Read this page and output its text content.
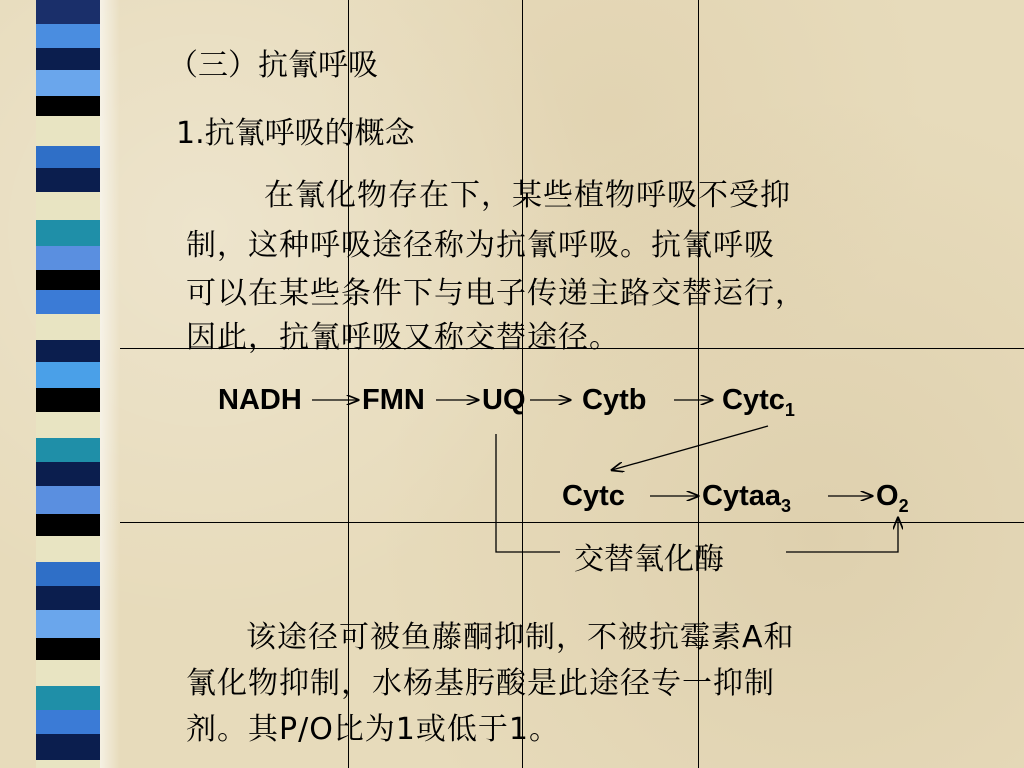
（三）抗氰呼吸
1.抗氰呼吸的概念
在氰化物存在下，某些植物呼吸不受抑
制，这种呼吸途径称为抗氰呼吸。抗氰呼吸
可以在某些条件下与电子传递主路交替运行，
因此，抗氰呼吸又称交替途径。
NADH FMN UQ Cytb	Cytc$_1$
Cytc	Cytaa$_3$	$O_2$
交替氧化酶
该途径可被鱼藤酮抑制，不被抗霉素A和
氰化物抑制，水杨基肟酸是此途径专一抑制
剂。其P/O比为1或低于1。
